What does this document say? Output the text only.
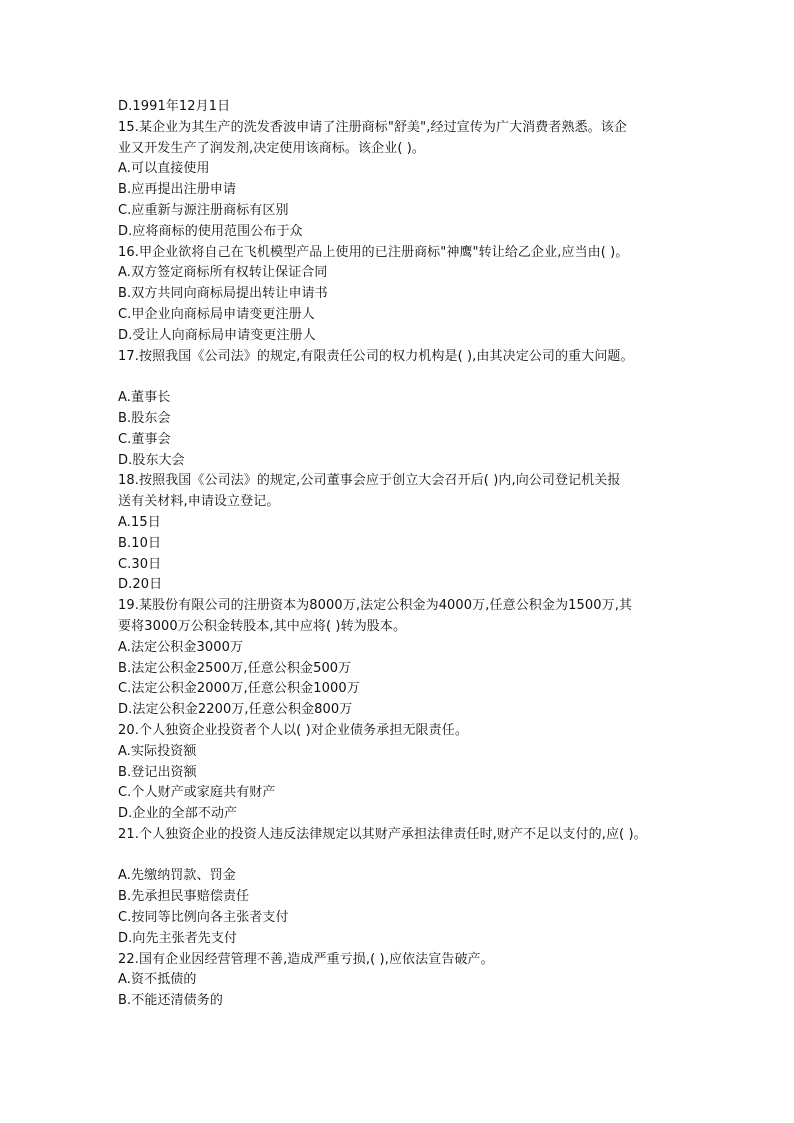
D.1991年12月1日
15.某企业为其生产的洗发香波申请了注册商标"舒美",经过宣传为广大消费者熟悉。该企
业又开发生产了润发剂,决定使用该商标。该企业( )。
A.可以直接使用
B.应再提出注册申请
C.应重新与源注册商标有区别
D.应将商标的使用范围公布于众
16.甲企业欲将自己在飞机模型产品上使用的已注册商标"神鹰"转让给乙企业,应当由( )。
A.双方签定商标所有权转让保证合同
B.双方共同向商标局提出转让申请书
C.甲企业向商标局申请变更注册人
D.受让人向商标局申请变更注册人
17.按照我国《公司法》的规定,有限责任公司的权力机构是( ),由其决定公司的重大问题。
A.董事长
B.股东会
C.董事会
D.股东大会
18.按照我国《公司法》的规定,公司董事会应于创立大会召开后( )内,向公司登记机关报
送有关材料,申请设立登记。
A.15日
B.10日
C.30日
D.20日
19.某股份有限公司的注册资本为8000万,法定公积金为4000万,任意公积金为1500万,其
要将3000万公积金转股本,其中应将( )转为股本。
A.法定公积金3000万
B.法定公积金2500万,任意公积金500万
C.法定公积金2000万,任意公积金1000万
D.法定公积金2200万,任意公积金800万
20.个人独资企业投资者个人以( )对企业债务承担无限责任。
A.实际投资额
B.登记出资额
C.个人财产或家庭共有财产
D.企业的全部不动产
21.个人独资企业的投资人违反法律规定以其财产承担法律责任时,财产不足以支付的,应( )。
A.先缴纳罚款、罚金
B.先承担民事赔偿责任
C.按同等比例向各主张者支付
D.向先主张者先支付
22.国有企业因经营管理不善,造成严重亏损,( ),应依法宣告破产。
A.资不抵债的
B.不能还清债务的
